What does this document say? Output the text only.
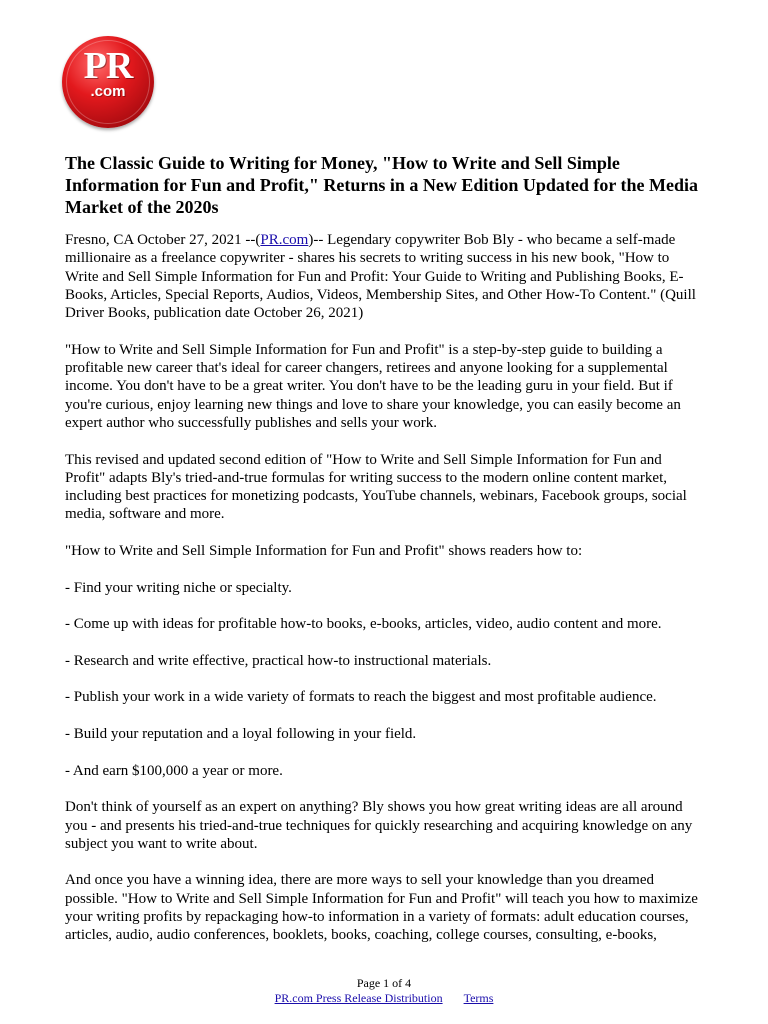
PR
.com
The Classic Guide to Writing for Money, "How to Write and Sell Simple Information for Fun and Profit," Returns in a New Edition Updated for the Media Market of the 2020s

Fresno, CA October 27, 2021 --(PR.com)-- Legendary copywriter Bob Bly - who became a self-made millionaire as a freelance copywriter - shares his secrets to writing success in his new book, "How to Write and Sell Simple Information for Fun and Profit: Your Guide to Writing and Publishing Books, E-Books, Articles, Special Reports, Audios, Videos, Membership Sites, and Other How-To Content." (Quill Driver Books, publication date October 26, 2021)

"How to Write and Sell Simple Information for Fun and Profit" is a step-by-step guide to building a profitable new career that's ideal for career changers, retirees and anyone looking for a supplemental income. You don't have to be a great writer. You don't have to be the leading guru in your field. But if you're curious, enjoy learning new things and love to share your knowledge, you can easily become an expert author who successfully publishes and sells your work.

This revised and updated second edition of "How to Write and Sell Simple Information for Fun and Profit" adapts Bly's tried-and-true formulas for writing success to the modern online content market, including best practices for monetizing podcasts, YouTube channels, webinars, Facebook groups, social media, software and more.

"How to Write and Sell Simple Information for Fun and Profit" shows readers how to:

- Find your writing niche or specialty.

- Come up with ideas for profitable how-to books, e-books, articles, video, audio content and more.

- Research and write effective, practical how-to instructional materials.

- Publish your work in a wide variety of formats to reach the biggest and most profitable audience.

- Build your reputation and a loyal following in your field.

- And earn $100,000 a year or more.

Don't think of yourself as an expert on anything? Bly shows you how great writing ideas are all around you - and presents his tried-and-true techniques for quickly researching and acquiring knowledge on any subject you want to write about.

And once you have a winning idea, there are more ways to sell your knowledge than you dreamed possible. "How to Write and Sell Simple Information for Fun and Profit" will teach you how to maximize your writing profits by repackaging how-to information in a variety of formats: adult education courses, articles, audio, audio conferences, booklets, books, coaching, college courses, consulting, e-books,

Page 1 of 4
PR.com Press Release Distribution Terms
